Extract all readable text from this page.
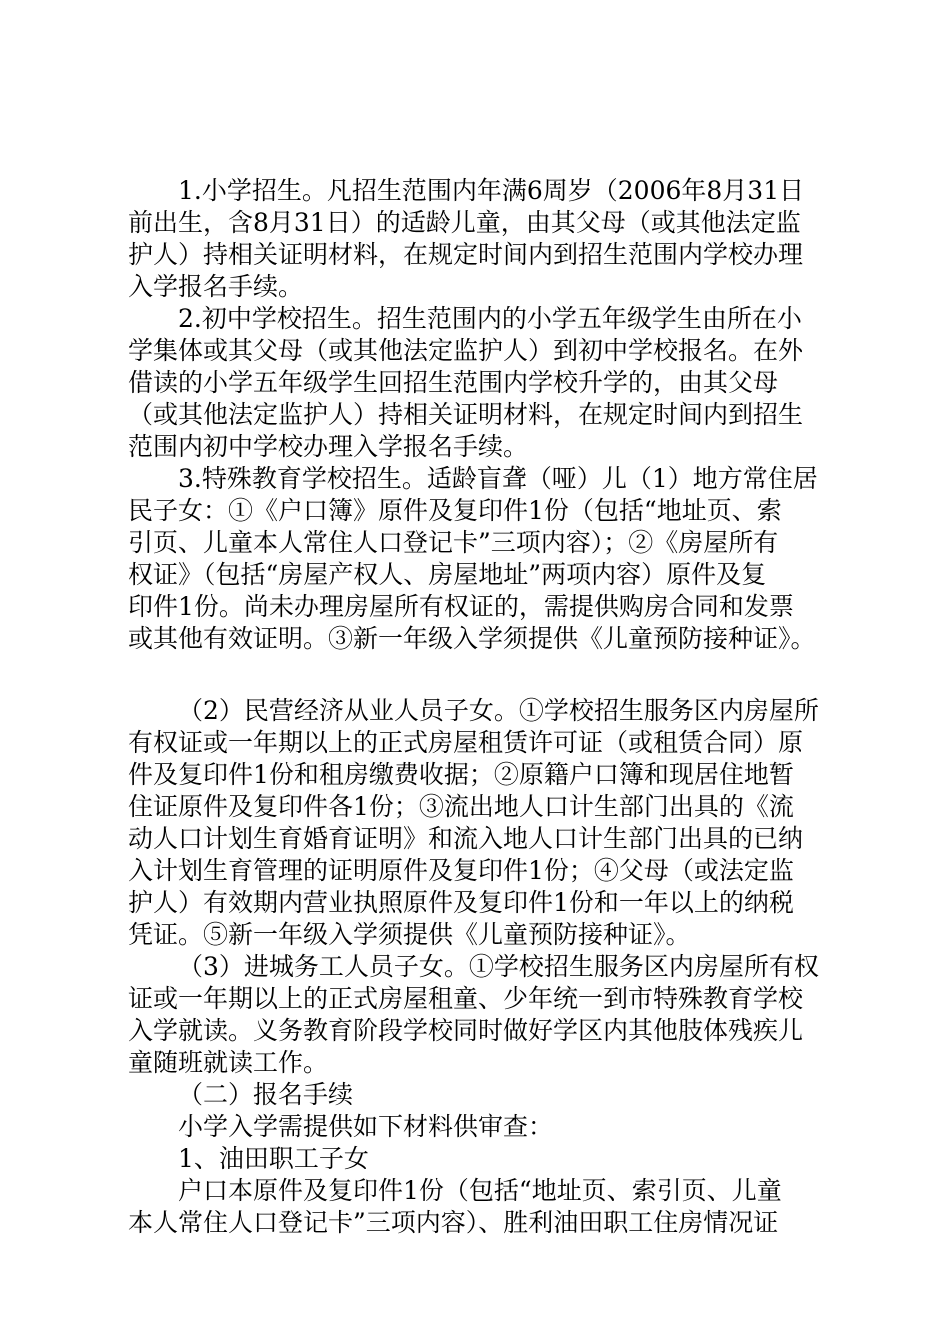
1.小学招生。凡招生范围内年满6周岁（2006年8月31日
前出生，含8月31日）的适龄儿童，由其父母（或其他法定监
护人）持相关证明材料，在规定时间内到招生范围内学校办理
入学报名手续。
2.初中学校招生。招生范围内的小学五年级学生由所在小
学集体或其父母（或其他法定监护人）到初中学校报名。在外
借读的小学五年级学生回招生范围内学校升学的，由其父母
（或其他法定监护人）持相关证明材料，在规定时间内到招生
范围内初中学校办理入学报名手续。
3.特殊教育学校招生。适龄盲聋（哑）儿（1）地方常住居
民子女：①《户口簿》原件及复印件1份（包括“地址页、索
引页、儿童本人常住人口登记卡”三项内容）；②《房屋所有
权证》（包括“房屋产权人、房屋地址”两项内容）原件及复
印件1份。尚未办理房屋所有权证的，需提供购房合同和发票
或其他有效证明。③新一年级入学须提供《儿童预防接种证》。
（2）民营经济从业人员子女。①学校招生服务区内房屋所
有权证或一年期以上的正式房屋租赁许可证（或租赁合同）原
件及复印件1份和租房缴费收据；②原籍户口簿和现居住地暂
住证原件及复印件各1份；③流出地人口计生部门出具的《流
动人口计划生育婚育证明》和流入地人口计生部门出具的已纳
入计划生育管理的证明原件及复印件1份；④父母（或法定监
护人）有效期内营业执照原件及复印件1份和一年以上的纳税
凭证。⑤新一年级入学须提供《儿童预防接种证》。
（3）进城务工人员子女。①学校招生服务区内房屋所有权
证或一年期以上的正式房屋租童、少年统一到市特殊教育学校
入学就读。义务教育阶段学校同时做好学区内其他肢体残疾儿
童随班就读工作。
（二）报名手续
小学入学需提供如下材料供审查：
1、油田职工子女
户口本原件及复印件1份（包括“地址页、索引页、儿童
本人常住人口登记卡”三项内容）、胜利油田职工住房情况证
